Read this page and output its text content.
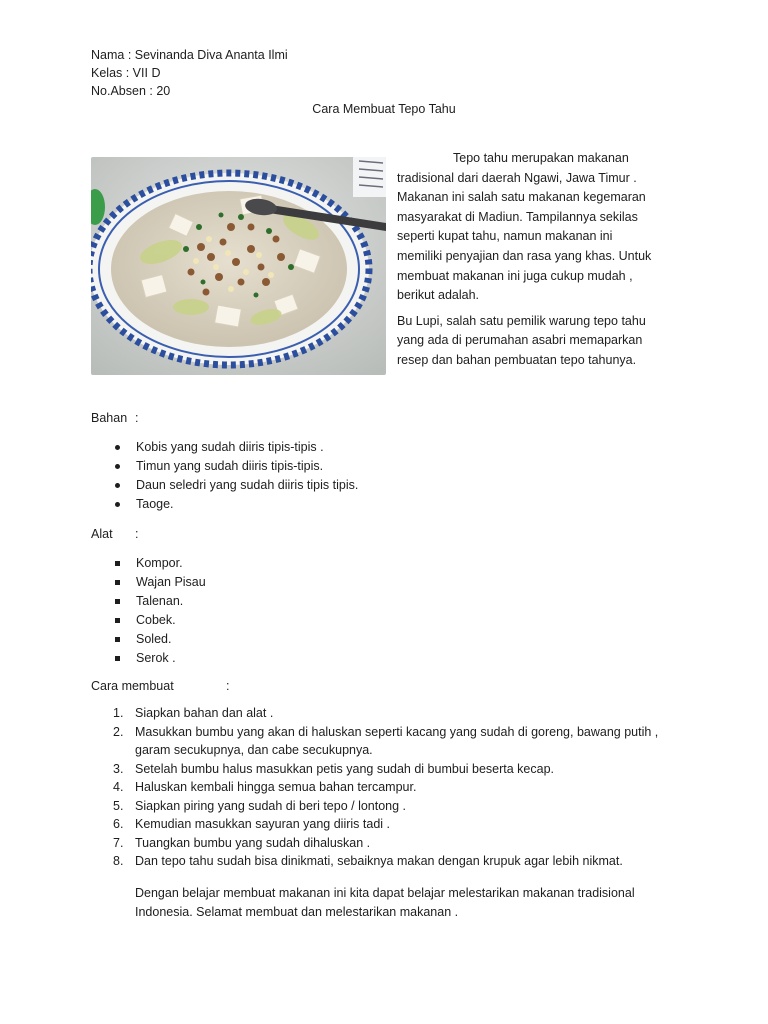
Nama : Sevinanda Diva Ananta Ilmi
Kelas : VII D
No.Absen : 20
Cara Membuat Tepo Tahu

Tepo tahu merupakan makanan

tradisional dari daerah Ngawi, Jawa Timur .

Makanan ini salah satu makanan kegemaran

masyarakat di Madiun. Tampilannya sekilas

seperti kupat tahu, namun makanan ini

memiliki penyajian dan rasa yang khas. Untuk

membuat makanan ini juga cukup mudah ,

berikut adalah.

Bu Lupi, salah satu pemilik warung tepo tahu

yang ada di perumahan asabri memaparkan

resep dan bahan pembuatan tepo tahunya.

Bahan :
Kobis yang sudah diiris tipis-tipis .
Timun yang sudah diiris tipis-tipis.
Daun seledri yang sudah diiris tipis tipis.
Taoge.
Alat :
Kompor.
Wajan Pisau
Talenan.
Cobek.
Soled.
Serok .
Cara membuat	:
1. Siapkan bahan dan alat .
2. Masukkan bumbu yang akan di haluskan seperti kacang yang sudah di goreng, bawang putih ,
garam secukupnya, dan cabe secukupnya.
3. Setelah bumbu halus masukkan petis yang sudah di bumbui beserta kecap.
4. Haluskan kembali hingga semua bahan tercampur.
5. Siapkan piring yang sudah di beri tepo / lontong .
6. Kemudian masukkan sayuran yang diiris tadi .
7. Tuangkan bumbu yang sudah dihaluskan .
8. Dan tepo tahu sudah bisa dinikmati, sebaiknya makan dengan krupuk agar lebih nikmat.
Dengan belajar membuat makanan ini kita dapat belajar melestarikan makanan tradisional Indonesia. Selamat membuat dan melestarikan makanan .
